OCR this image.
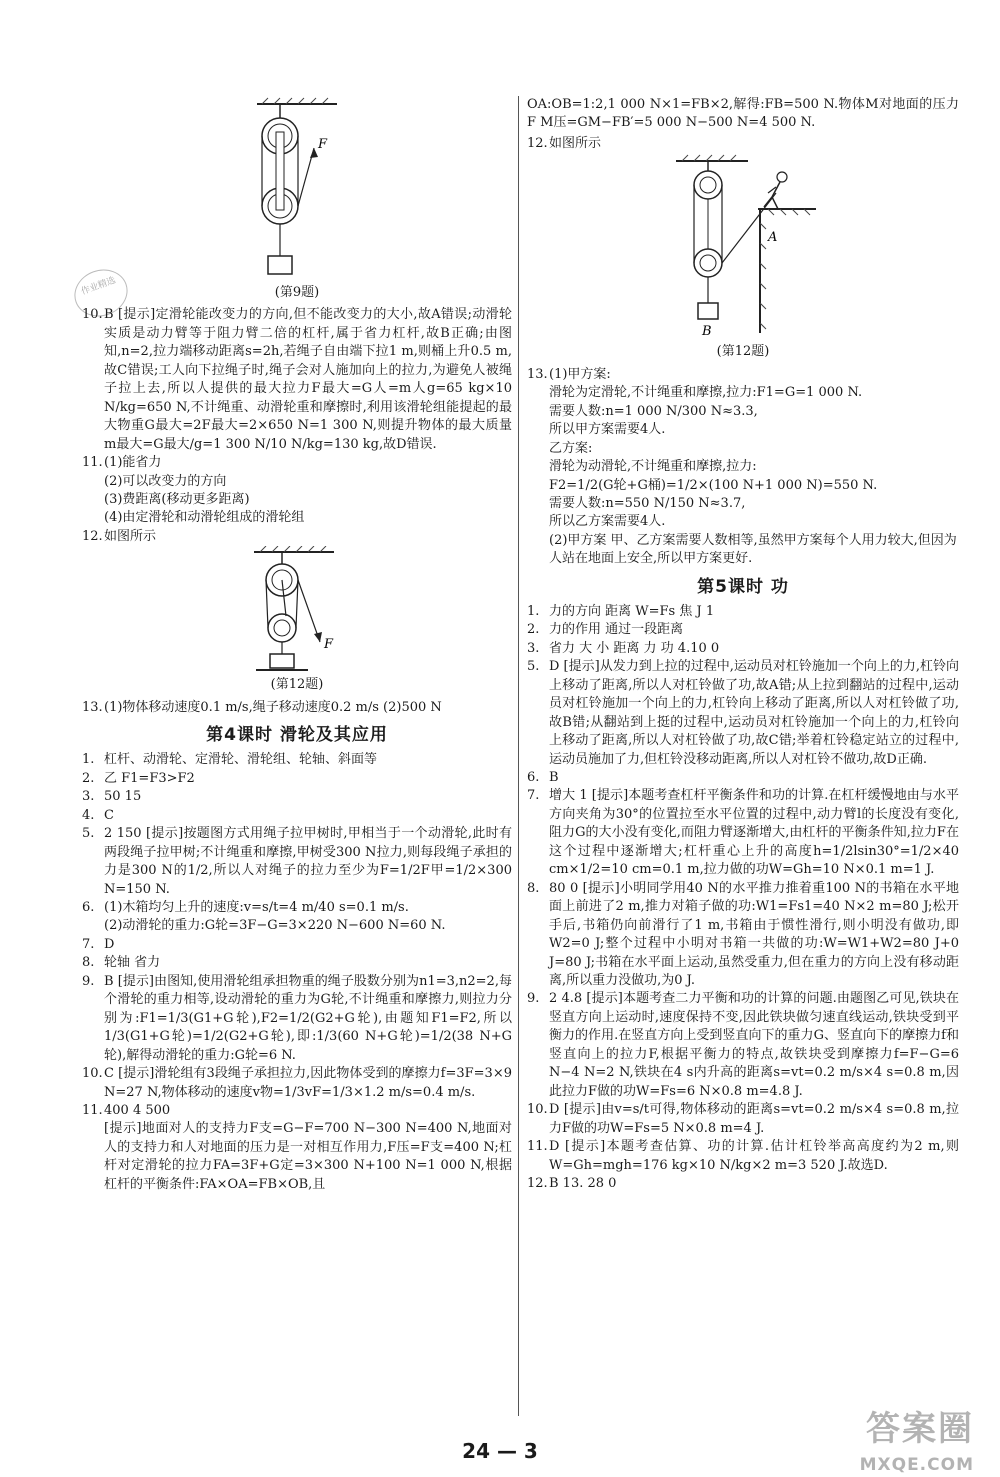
作业精选
F
(第9题)
10. B [提示]定滑轮能改变力的方向,但不能改变力的大小,故A错误;动滑轮实质是动力臂等于阻力臂二倍的杠杆,属于省力杠杆,故B正确;由图知,n=2,拉力端移动距离s=2h,若绳子自由端下拉1 m,则桶上升0.5 m,故C错误;工人向下拉绳子时,绳子会对人施加向上的拉力,为避免人被绳子拉上去,所以人提供的最大拉力F最大=G人=m人g=65 kg×10 N/kg=650 N,不计绳重、动滑轮重和摩擦时,利用该滑轮组能提起的最大物重G最大=2F最大=2×650 N=1 300 N,则提升物体的最大质量m最大=G最大/g=1 300 N/10 N/kg=130 kg,故D错误.
11. (1)能省力
(2)可以改变力的方向
(3)费距离(移动更多距离)
(4)由定滑轮和动滑轮组成的滑轮组
12. 如图所示
F
(第12题)
13. (1)物体移动速度0.1 m/s,绳子移动速度0.2 m/s (2)500 N
第4课时 滑轮及其应用
1. 杠杆、动滑轮、定滑轮、滑轮组、轮轴、斜面等
2. 乙 F1=F3>F2
3. 50 15
4. C
5. 2 150 [提示]按题图方式用绳子拉甲树时,甲相当于一个动滑轮,此时有两段绳子拉甲树;不计绳重和摩擦,甲树受300 N拉力,则每段绳子承担的力是300 N的1/2,所以人对绳子的拉力至少为F=1/2F甲=1/2×300 N=150 N.
6. (1)木箱均匀上升的速度:v=s/t=4 m/40 s=0.1 m/s.
(2)动滑轮的重力:G轮=3F−G=3×220 N−600 N=60 N.
7. D
8. 轮轴 省力
9. B [提示]由图知,使用滑轮组承担物重的绳子股数分别为n1=3,n2=2,每个滑轮的重力相等,设动滑轮的重力为G轮,不计绳重和摩擦力,则拉力分别为:F1=1/3(G1+G轮),F2=1/2(G2+G轮),由题知F1=F2,所以1/3(G1+G轮)=1/2(G2+G轮),即:1/3(60 N+G轮)=1/2(38 N+G轮),解得动滑轮的重力:G轮=6 N.
10. C [提示]滑轮组有3段绳子承担拉力,因此物体受到的摩擦力f=3F=3×9 N=27 N,物体移动的速度v物=1/3vF=1/3×1.2 m/s=0.4 m/s.
11. 400 4 500
[提示]地面对人的支持力F支=G−F=700 N−300 N=400 N,地面对人的支持力和人对地面的压力是一对相互作用力,F压=F支=400 N;杠杆对定滑轮的拉力FA=3F+G定=3×300 N+100 N=1 000 N,根据杠杆的平衡条件:FA×OA=FB×OB,且
OA:OB=1:2,1 000 N×1=FB×2,解得:FB=500 N.物体M对地面的压力F M压=GM−FB′=5 000 N−500 N=4 500 N.
12. 如图所示
A
B
(第12题)
13. (1)甲方案:
滑轮为定滑轮,不计绳重和摩擦,拉力:F1=G=1 000 N.
需要人数:n=1 000 N/300 N≈3.3,
所以甲方案需要4人.
乙方案:
滑轮为动滑轮,不计绳重和摩擦,拉力:
F2=1/2(G轮+G桶)=1/2×(100 N+1 000 N)=550 N.
需要人数:n=550 N/150 N≈3.7,
所以乙方案需要4人.
(2)甲方案 甲、乙方案需要人数相等,虽然甲方案每个人用力较大,但因为人站在地面上安全,所以甲方案更好.
第5课时 功
1. 力的方向 距离 W=Fs 焦 J 1
2. 力的作用 通过一段距离
3. 省力 大 小 距离 力 功 4.10 0
5. D [提示]从发力到上拉的过程中,运动员对杠铃施加一个向上的力,杠铃向上移动了距离,所以人对杠铃做了功,故A错;从上拉到翻站的过程中,运动员对杠铃施加一个向上的力,杠铃向上移动了距离,所以人对杠铃做了功,故B错;从翻站到上挺的过程中,运动员对杠铃施加一个向上的力,杠铃向上移动了距离,所以人对杠铃做了功,故C错;举着杠铃稳定站立的过程中,运动员施加了力,但杠铃没移动距离,所以人对杠铃不做功,故D正确.
6. B
7. 增大 1 [提示]本题考查杠杆平衡条件和功的计算.在杠杆缓慢地由与水平方向夹角为30°的位置拉至水平位置的过程中,动力臂l的长度没有变化,阻力G的大小没有变化,而阻力臂逐渐增大,由杠杆的平衡条件知,拉力F在这个过程中逐渐增大;杠杆重心上升的高度h=1/2lsin30°=1/2×40 cm×1/2=10 cm=0.1 m,拉力做的功W=Gh=10 N×0.1 m=1 J.
8. 80 0 [提示]小明同学用40 N的水平推力推着重100 N的书箱在水平地面上前进了2 m,推力对箱子做的功:W1=Fs1=40 N×2 m=80 J;松开手后,书箱仍向前滑行了1 m,书箱由于惯性滑行,则小明没有做功,即W2=0 J;整个过程中小明对书箱一共做的功:W=W1+W2=80 J+0 J=80 J;书箱在水平面上运动,虽然受重力,但在重力的方向上没有移动距离,所以重力没做功,为0 J.
9. 2 4.8 [提示]本题考查二力平衡和功的计算的问题.由题图乙可见,铁块在竖直方向上运动时,速度保持不变,因此铁块做匀速直线运动,铁块受到平衡力的作用.在竖直方向上受到竖直向下的重力G、竖直向下的摩擦力f和竖直向上的拉力F,根据平衡力的特点,故铁块受到摩擦力f=F−G=6 N−4 N=2 N,铁块在4 s内升高的距离s=vt=0.2 m/s×4 s=0.8 m,因此拉力F做的功W=Fs=6 N×0.8 m=4.8 J.
10. D [提示]由v=s/t可得,物体移动的距离s=vt=0.2 m/s×4 s=0.8 m,拉力F做的功W=Fs=5 N×0.8 m=4 J.
11. D [提示]本题考查估算、功的计算.估计杠铃举高高度约为2 m,则W=Gh=mgh=176 kg×10 N/kg×2 m=3 520 J.故选D.
12. B 13. 28 0
24 — 3
答案圈
MXQE.COM
